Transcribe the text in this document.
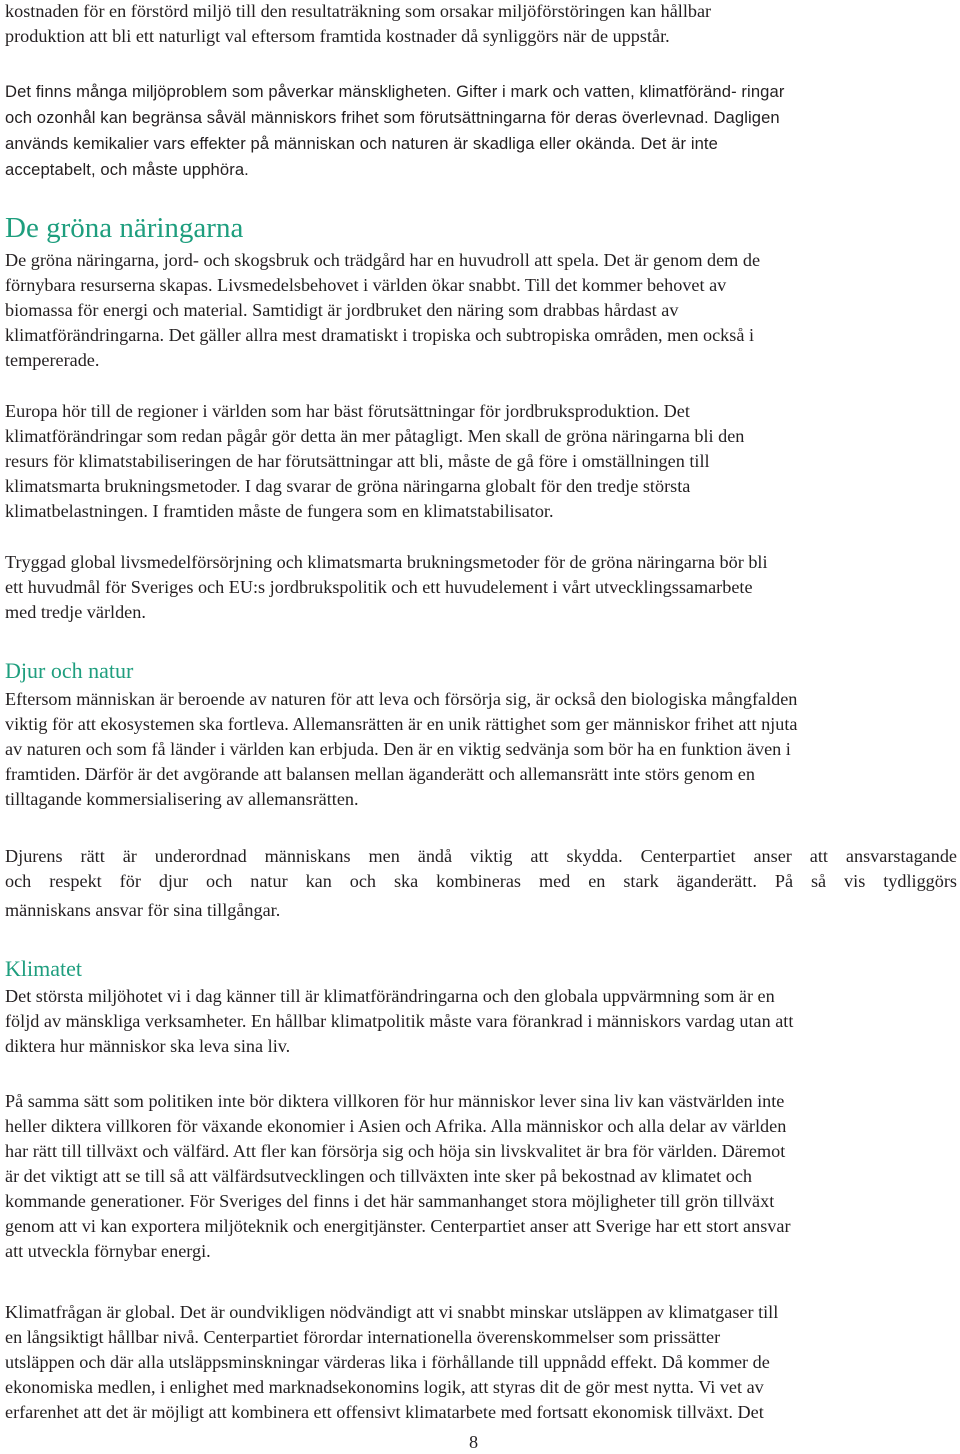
kostnaden för en förstörd miljö till den resultaträkning som orsakar miljöförstöringen kan hållbar
produktion att bli ett naturligt val eftersom framtida kostnader då synliggörs när de uppstår.
Det finns många miljöproblem som påverkar mänskligheten. Gifter i mark och vatten, klimatföränd- ringar
och ozonhål kan begränsa såväl människors frihet som förutsättningarna för deras överlevnad. Dagligen
används kemikalier vars effekter på människan och naturen är skadliga eller okända. Det är inte
acceptabelt, och måste upphöra.
De gröna näringarna
De gröna näringarna, jord- och skogsbruk och trädgård har en huvudroll att spela. Det är genom dem de
förnybara resurserna skapas. Livsmedelsbehovet i världen ökar snabbt. Till det kommer behovet av
biomassa för energi och material. Samtidigt är jordbruket den näring som drabbas hårdast av
klimatförändringarna. Det gäller allra mest dramatiskt i tropiska och subtropiska områden, men också i
tempererade.
Europa hör till de regioner i världen som har bäst förutsättningar för jordbruksproduktion. Det
klimatförändringar som redan pågår gör detta än mer påtagligt. Men skall de gröna näringarna bli den
resurs för klimatstabiliseringen de har förutsättningar att bli, måste de gå före i omställningen till
klimatsmarta brukningsmetoder. I dag svarar de gröna näringarna globalt för den tredje största
klimatbelastningen. I framtiden måste de fungera som en klimatstabilisator.
Tryggad global livsmedelförsörjning och klimatsmarta brukningsmetoder för de gröna näringarna bör bli
ett huvudmål för Sveriges och EU:s jordbrukspolitik och ett huvudelement i vårt utvecklingssamarbete
med tredje världen.
Djur och natur
Eftersom människan är beroende av naturen för att leva och försörja sig, är också den biologiska mångfalden
viktig för att ekosystemen ska fortleva. Allemansrätten är en unik rättighet som ger människor frihet att njuta
av naturen och som få länder i världen kan erbjuda. Den är en viktig sedvänja som bör ha en funktion även i
framtiden. Därför är det avgörande att balansen mellan äganderätt och allemansrätt inte störs genom en
tilltagande kommersialisering av allemansrätten.
Djurens rätt är underordnad människans men ändå viktig att skydda. Centerpartiet anser att ansvarstagande
och respekt för djur och natur kan och ska kombineras med en stark äganderätt. På så vis tydliggörs
människans ansvar för sina tillgångar.
Klimatet
Det största miljöhotet vi i dag känner till är klimatförändringarna och den globala uppvärmning som är en
följd av mänskliga verksamheter. En hållbar klimatpolitik måste vara förankrad i människors vardag utan att
diktera hur människor ska leva sina liv.
På samma sätt som politiken inte bör diktera villkoren för hur människor lever sina liv kan västvärlden inte
heller diktera villkoren för växande ekonomier i Asien och Afrika. Alla människor och alla delar av världen
har rätt till tillväxt och välfärd. Att fler kan försörja sig och höja sin livskvalitet är bra för världen. Däremot
är det viktigt att se till så att välfärdsutvecklingen och tillväxten inte sker på bekostnad av klimatet och
kommande generationer. För Sveriges del finns i det här sammanhanget stora möjligheter till grön tillväxt
genom att vi kan exportera miljöteknik och energitjänster. Centerpartiet anser att Sverige har ett stort ansvar
att utveckla förnybar energi.
Klimatfrågan är global. Det är oundvikligen nödvändigt att vi snabbt minskar utsläppen av klimatgaser till
en långsiktigt hållbar nivå. Centerpartiet förordar internationella överenskommelser som prissätter
utsläppen och där alla utsläppsminskningar värderas lika i förhållande till uppnådd effekt. Då kommer de
ekonomiska medlen, i enlighet med marknadsekonomins logik, att styras dit de gör mest nytta. Vi vet av
erfarenhet att det är möjligt att kombinera ett offensivt klimatarbete med fortsatt ekonomisk tillväxt. Det
8
